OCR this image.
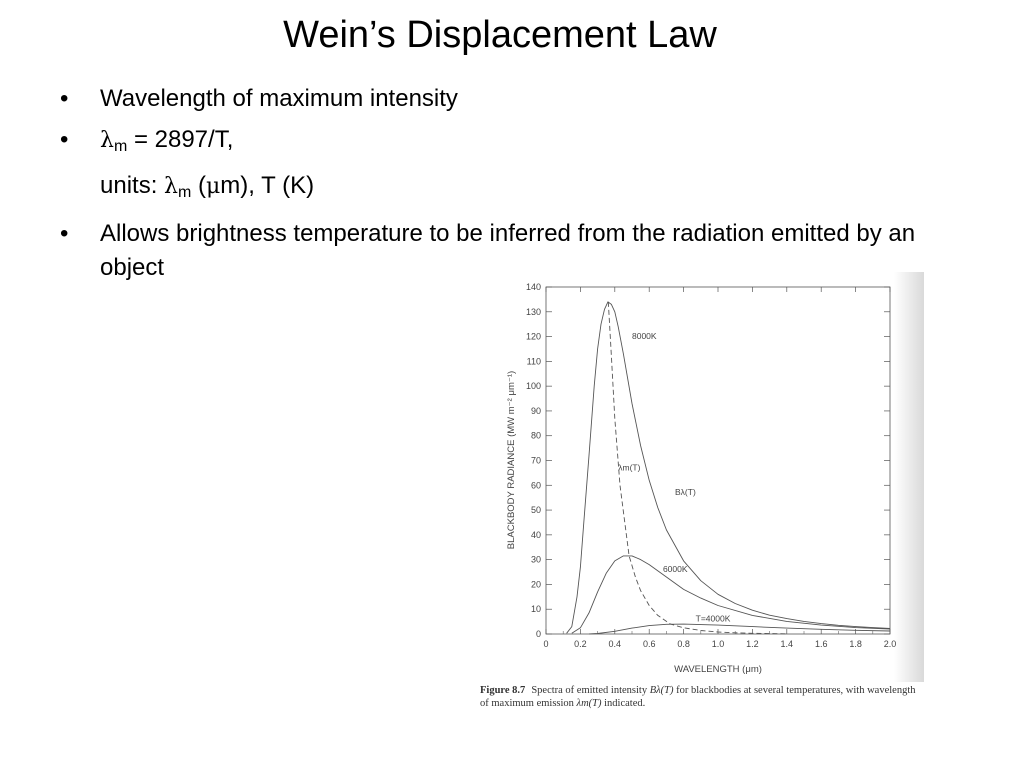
Wein’s Displacement Law
• Wavelength of maximum intensity
• $\lambda_m = 2897/T$,
units: $\lambda_m$ (μm), T (K)
• Allows brightness temperature to be inferred from the radiation emitted by an object
0	0.2 0.4 0.6 0.8 1.0 1.2 1.4 1.6 1.8 2.0
0
10
20
30
40
50
60
70
80
90
100
110
120
130
140
8000K
λm(T)
Bλ(T)
6000K
T=4000K
BLACKBODY RADIANCE (MW m⁻² μm⁻¹)
WAVELENGTH (μm)
Figure 8.7 Spectra of emitted intensity Bλ(T) for blackbodies at several temperatures, with wavelength of maximum emission λm(T) indicated.
